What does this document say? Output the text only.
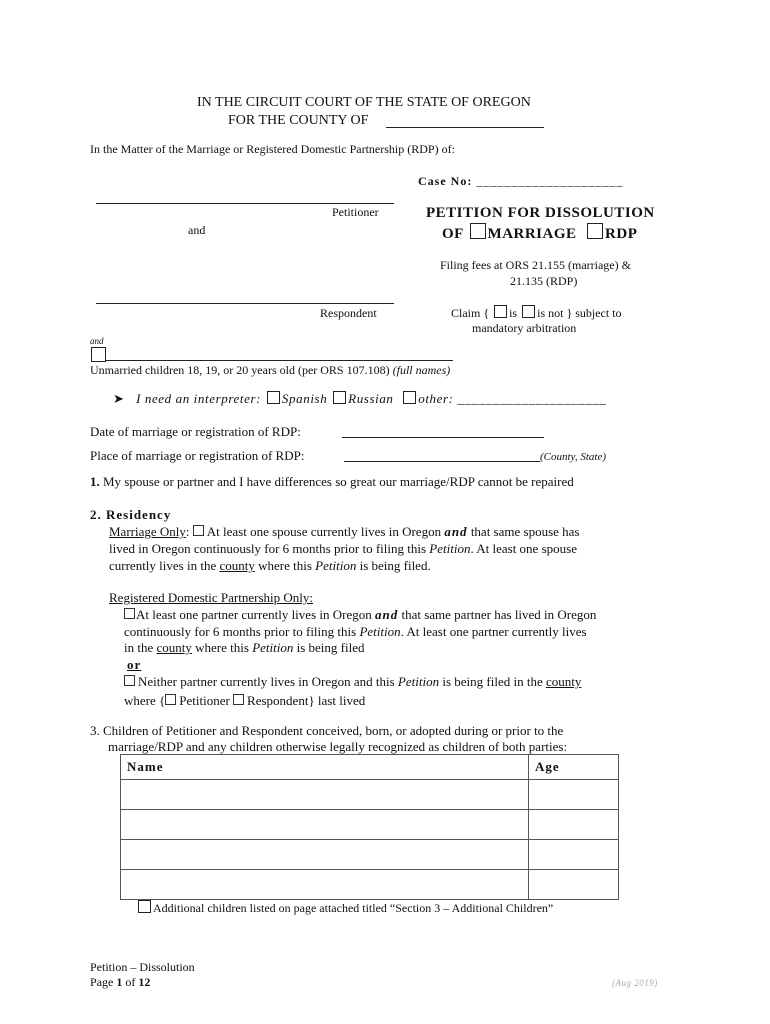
IN THE CIRCUIT COURT OF THE STATE OF OREGON
FOR THE COUNTY OF
In the Matter of the Marriage or Registered Domestic Partnership (RDP) of:
Case No: _____________________
Petitioner
and
PETITION FOR DISSOLUTION
OF MARRIAGE RDP
Filing fees at ORS 21.155 (marriage) &
21.135 (RDP)
Respondent	Claim { is is not } subject to
mandatory arbitration
and
Unmarried children 18, 19, or 20 years old (per ORS 107.108) (full names)
➤ I need an interpreter: Spanish Russian other: _____________________
Date of marriage or registration of RDP:
Place of marriage or registration of RDP:	(County, State)
1. My spouse or partner and I have differences so great our marriage/RDP cannot be repaired
2. Residency
Marriage Only: At least one spouse currently lives in Oregon and that same spouse has
lived in Oregon continuously for 6 months prior to filing this Petition. At least one spouse
currently lives in the county where this Petition is being filed.
Registered Domestic Partnership Only:
At least one partner currently lives in Oregon and that same partner has lived in Oregon
continuously for 6 months prior to filing this Petition. At least one partner currently lives
in the county where this Petition is being filed
or
Neither partner currently lives in Oregon and this Petition is being filed in the county
where { Petitioner Respondent} last lived
3. Children of Petitioner and Respondent conceived, born, or adopted during or prior to the
marriage/RDP and any children otherwise legally recognized as children of both parties:
Name	Age

Additional children listed on page attached titled “Section 3 – Additional Children”
Petition – Dissolution
Page 1 of 12	(Aug 2019)
